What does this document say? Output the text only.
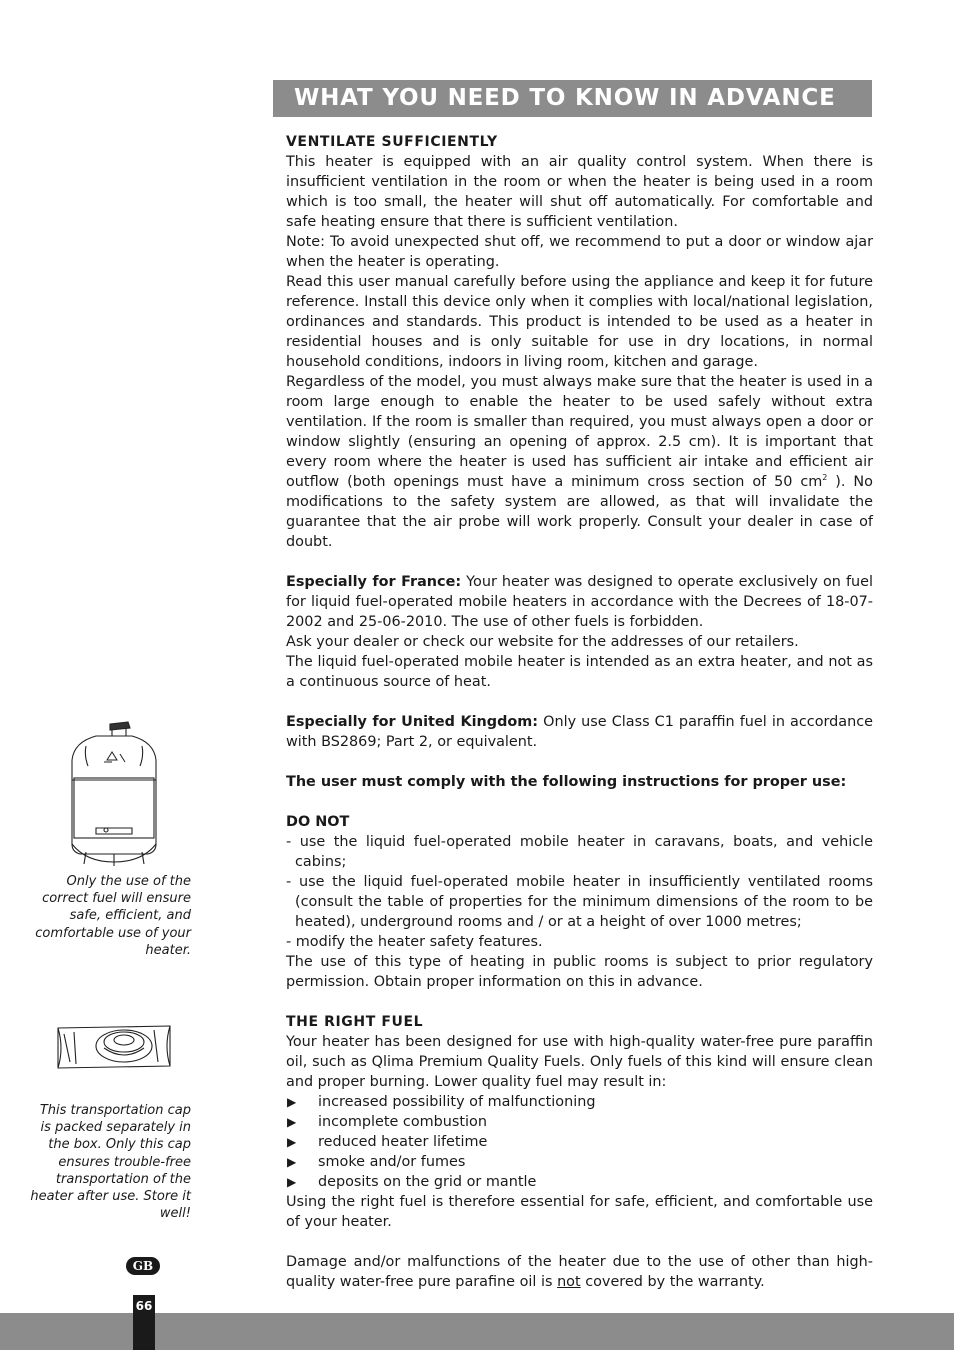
WHAT YOU NEED TO KNOW IN ADVANCE

VENTILATE SUFFICIENTLY

This heater is equipped with an air quality control system. When there is insufficient ventilation in the room or when the heater is being used in a room which is too small, the heater will shut off automatically. For comfortable and safe heating ensure that there is sufficient ventilation.

Note: To avoid unexpected shut off, we recommend to put a door or window ajar when the heater is operating.

Read this user manual carefully before using the appliance and keep it for future reference. Install this device only when it complies with local/national legislation, ordinances and standards. This product is intended to be used as a heater in residential houses and is only suitable for use in dry locations, in normal household conditions, indoors in living room, kitchen and garage.

Regardless of the model, you must always make sure that the heater is used in a room large enough to enable the heater to be used safely without extra ventilation. If the room is smaller than required, you must always open a door or window slightly (ensuring an opening of approx. 2.5 cm). It is important that every room where the heater is used has sufficient air intake and efficient air outflow (both openings must have a minimum cross section of 50 $cm^2$ ). No modifications to the safety system are allowed, as that will invalidate the guarantee that the air probe will work properly. Consult your dealer in case of doubt.

Especially for France: Your heater was designed to operate exclusively on fuel for liquid fuel-operated mobile heaters in accordance with the Decrees of 18-07-2002 and 25-06-2010. The use of other fuels is forbidden.

Ask your dealer or check our website for the addresses of our retailers.

The liquid fuel-operated mobile heater is intended as an extra heater, and not as a continuous source of heat.

Especially for United Kingdom: Only use Class C1 paraffin fuel in accordance with BS2869; Part 2, or equivalent.

The user must comply with the following instructions for proper use:

DO NOT

- use the liquid fuel-operated mobile heater in caravans, boats, and vehicle cabins;

- use the liquid fuel-operated mobile heater in insufficiently ventilated rooms (consult the table of properties for the minimum dimensions of the room to be heated), underground rooms and / or at a height of over 1000 metres;

- modify the heater safety features.

The use of this type of heating in public rooms is subject to prior regulatory permission. Obtain proper information on this in advance.

THE RIGHT FUEL

Your heater has been designed for use with high-quality water-free pure paraffin oil, such as Qlima Premium Quality Fuels. Only fuels of this kind will ensure clean and proper burning. Lower quality fuel may result in:

▶ increased possibility of malfunctioning

▶ incomplete combustion

▶ reduced heater lifetime

▶ smoke and/or fumes

▶ deposits on the grid or mantle

Using the right fuel is therefore essential for safe, efficient, and comfortable use of your heater.

Damage and/or malfunctions of the heater due to the use of other than high-quality water-free pure parafine oil is not covered by the warranty.

Only the use of the correct fuel will ensure safe, efficient, and comfortable use of your heater.
This transportation cap is packed separately in the box. Only this cap ensures trouble-free transportation of the heater after use. Store it well!
GB
66
